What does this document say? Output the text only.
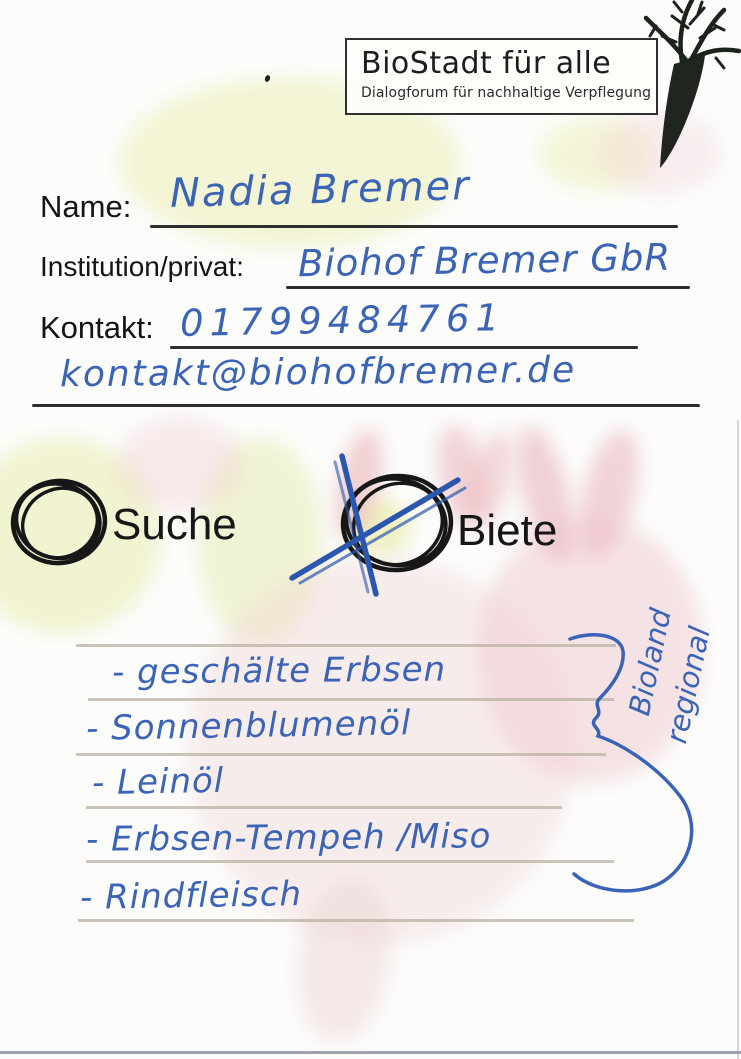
BioStadt für alle
Dialogforum für nachhaltige Verpflegung
Name: Nadia Bremer
Institution/privat: Biohof Bremer GbR
Kontakt: 01799484761
kontakt@biohofbremer.de
Suche	Biete
- geschälte Erbsen
- Sonnenblumenöl
- Leinöl
- Erbsen-Tempeh /Miso
- Rindfleisch
Bioland
regional
